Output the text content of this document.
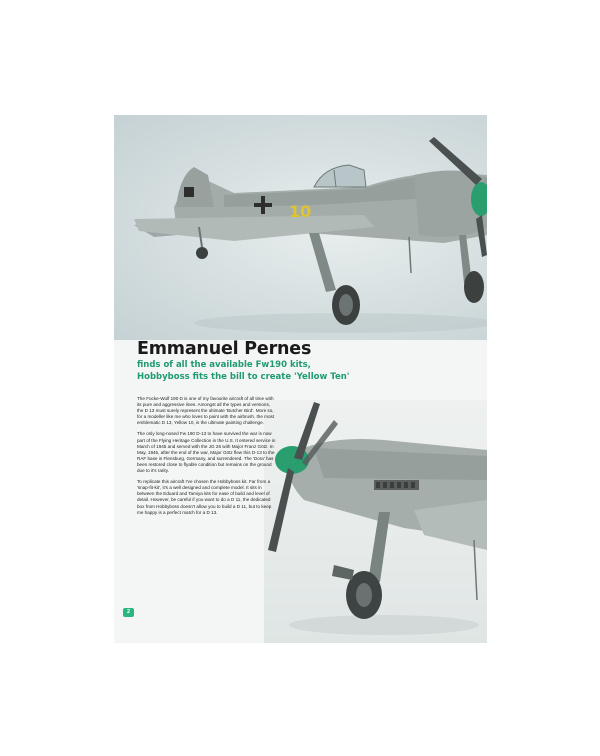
10
Emmanuel Pernes
finds of all the available Fw190 kits,
Hobbyboss fits the bill to create 'Yellow Ten'

The Focke-Wulf 190 D is one of my favourite aircraft of all time with its pure and aggressive lines. Amongst all the types and versions, the D 13 must surely represent the ultimate 'Butcher Bird'. More so, for a modeller like me who loves to paint with the airbrush, the most emblematic D 13, Yellow 10, is the ultimate painting challenge.

The only long-nosed Fw 190 D-13 to have survived the war is now part of the Flying Heritage Collection in the U.S. It entered service in March of 1945 and served with the JG 26 with Major Franz Götz. In May, 1945, after the end of the war, Major Götz flew this D-13 to the RAF base in Flensburg, Germany, and surrendered. The 'Dora' has been restored close to flyable condition but remains on the ground due to it's rarity.

To replicate this aircraft I've chosen the Hobbyboss kit. Far from a 'snap-fit-kit', it's a well designed and complete model. It sits in between the Eduard and Tamiya kits for ease of build and level of detail. However, be careful if you want to do a D 11, the dedicated box from Hobbyboss doesn't allow you to build a D 11, but to keep me happy is a perfect match for a D 13.

2
